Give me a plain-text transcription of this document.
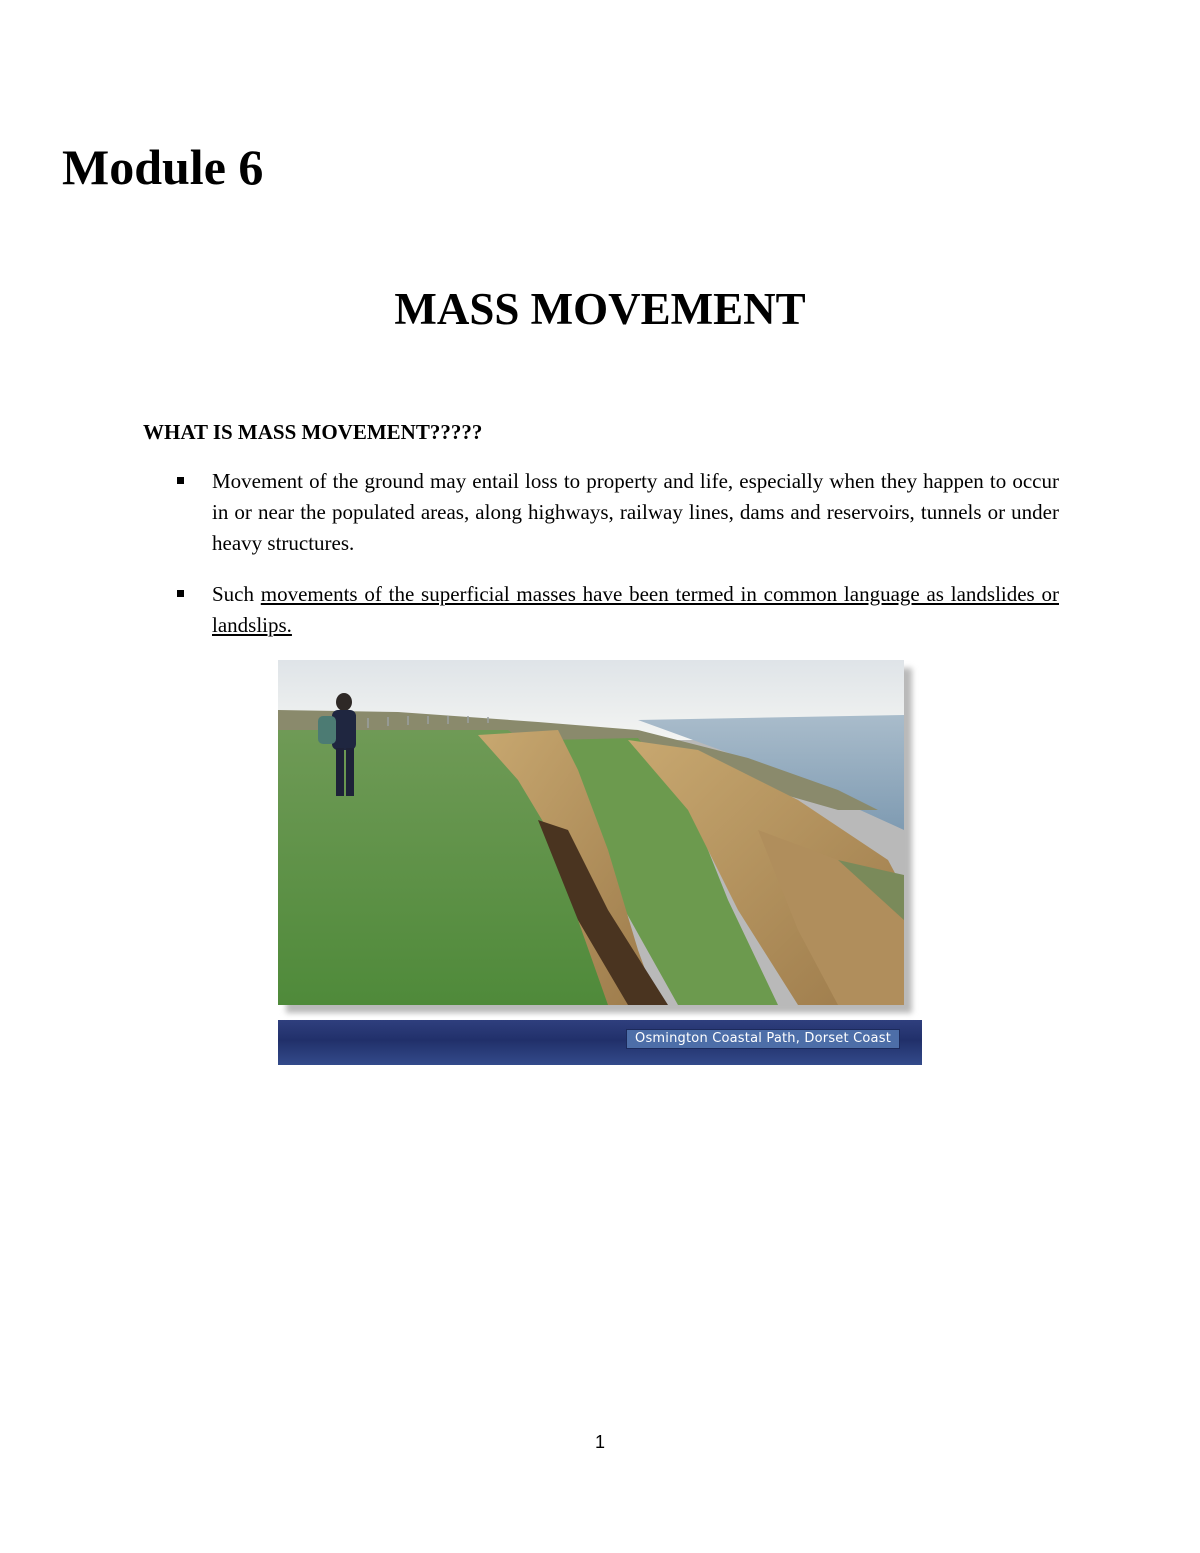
Module 6
MASS MOVEMENT
WHAT IS MASS MOVEMENT?????
Movement of the ground may entail loss to property and life, especially when they happen to occur in or near the populated areas, along highways, railway lines, dams and reservoirs, tunnels or under heavy structures.
Such movements of the superficial masses have been termed in common language as landslides or landslips.
Osmington Coastal Path, Dorset Coast
1
